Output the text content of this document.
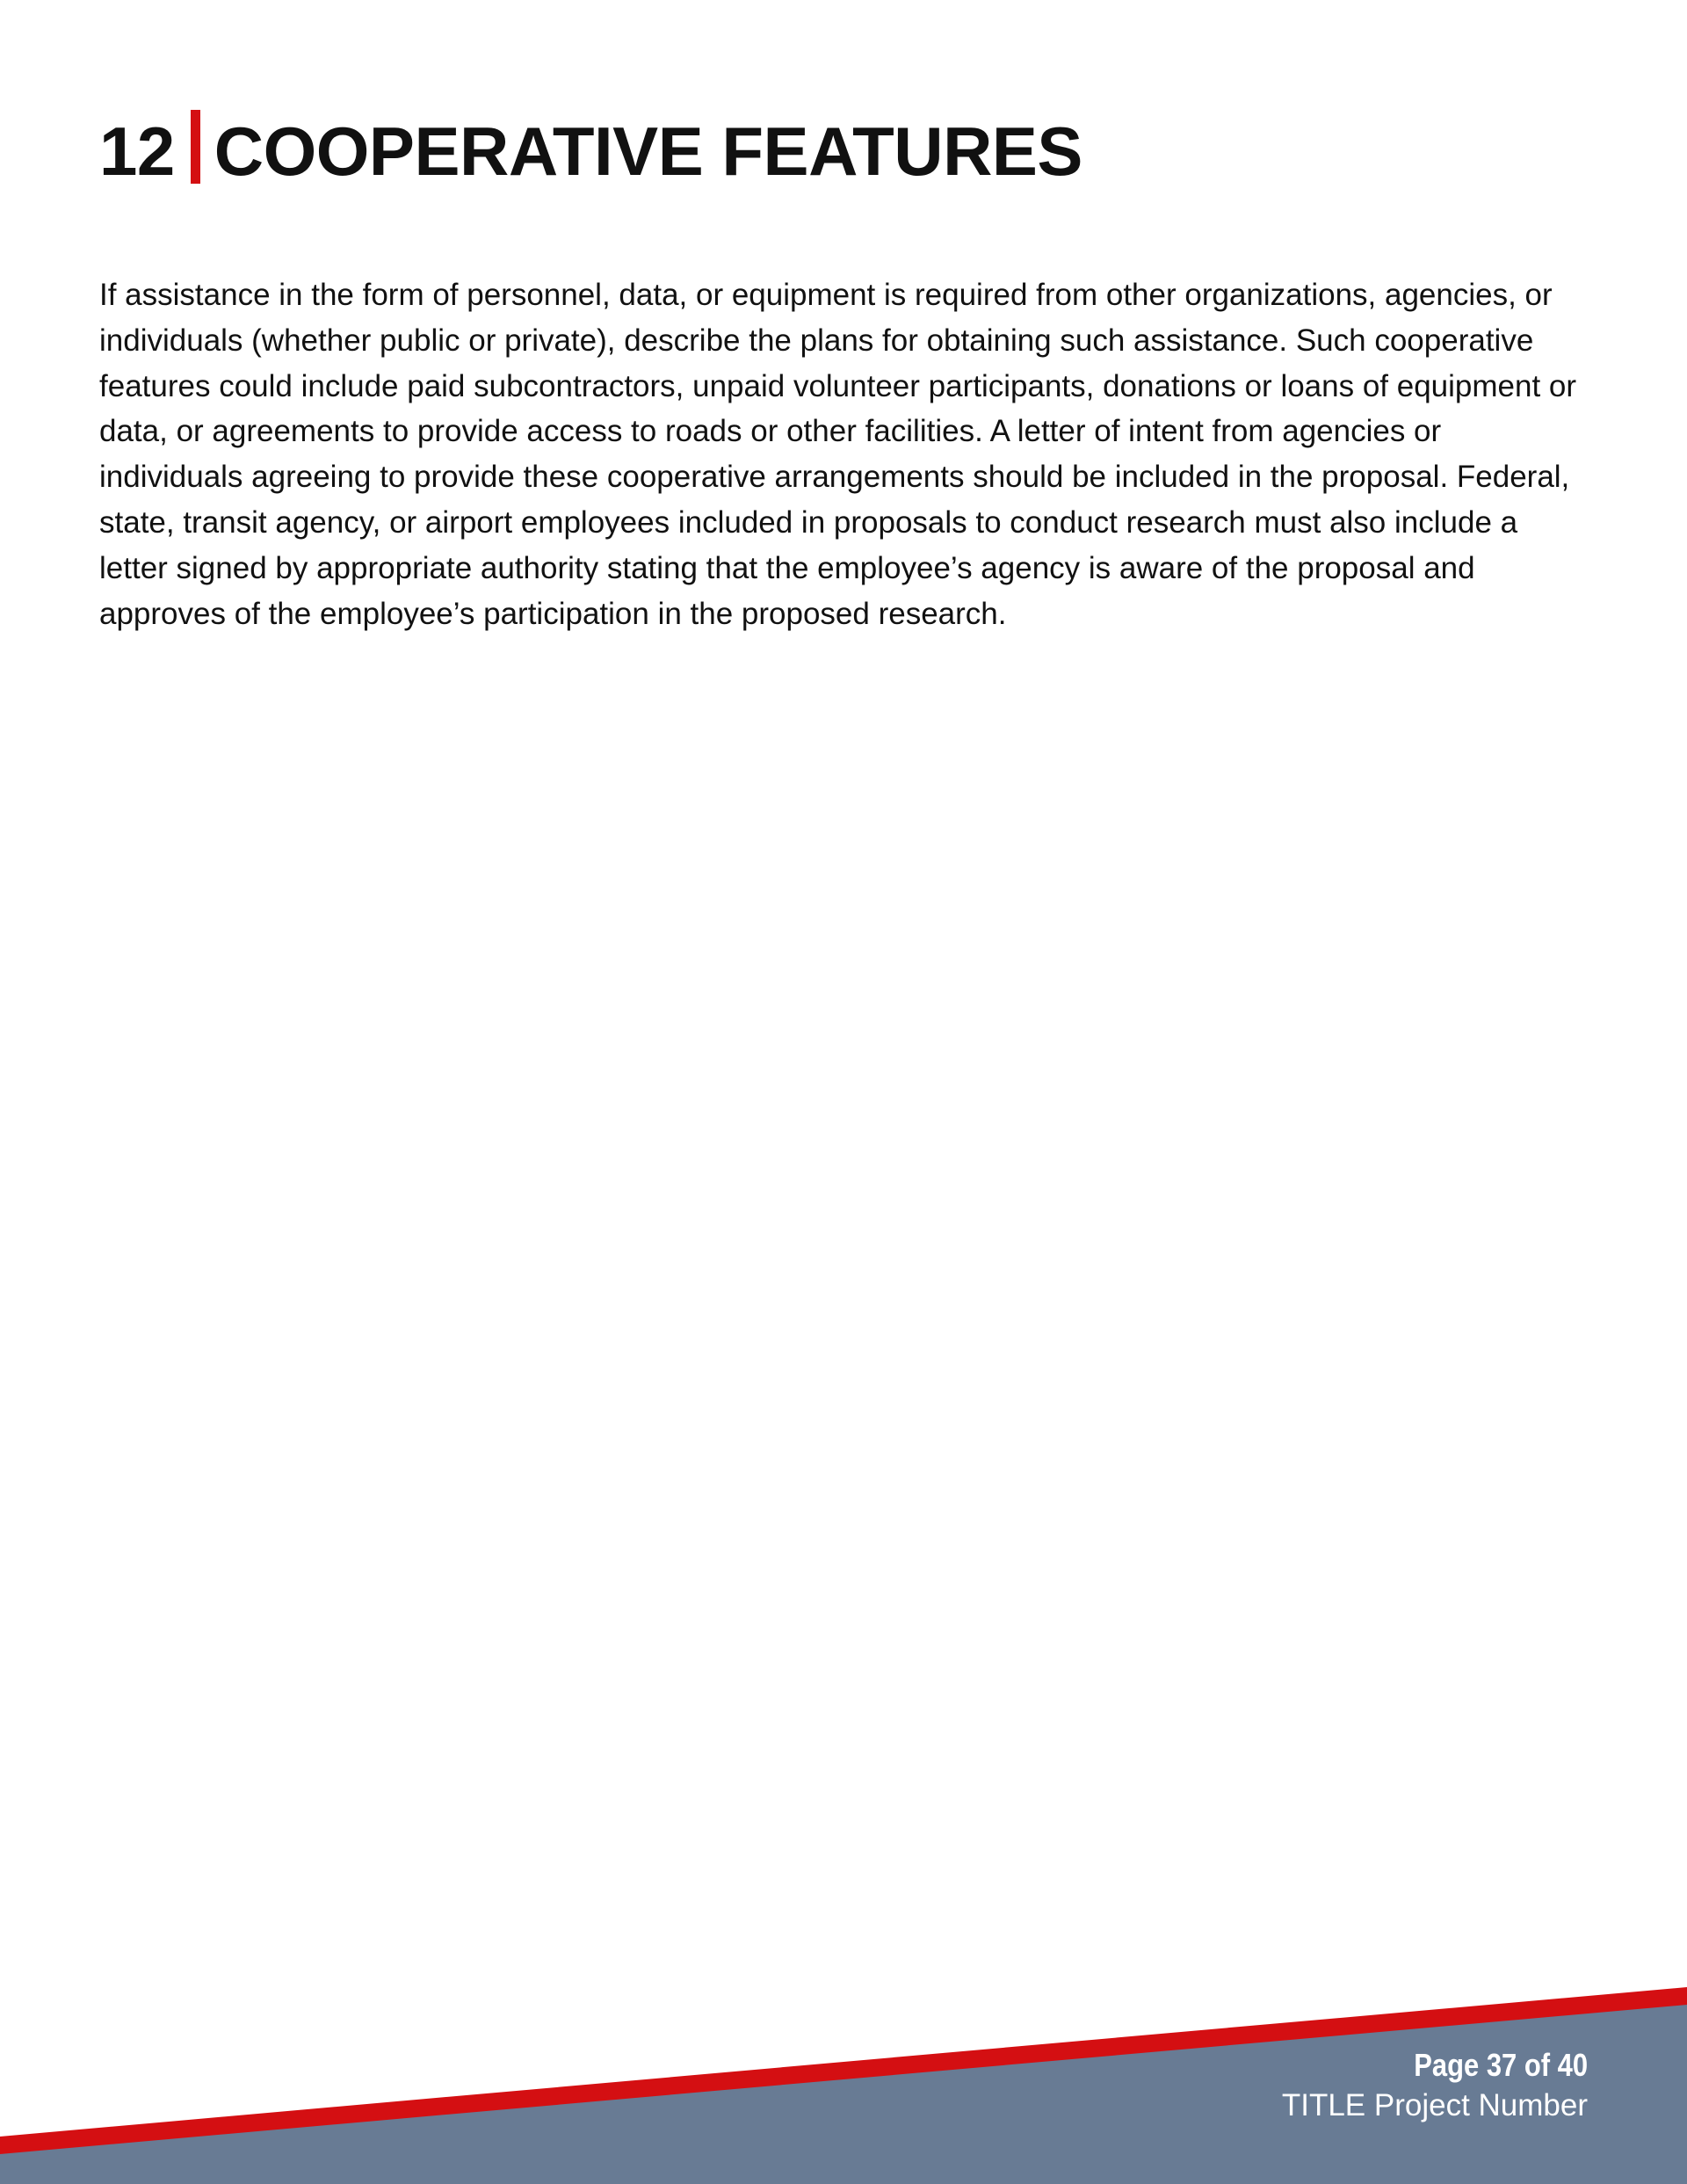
12 COOPERATIVE FEATURES

If assistance in the form of personnel, data, or equipment is required from other organizations, agencies, or individuals (whether public or private), describe the plans for obtaining such assistance. Such cooperative features could include paid subcontractors, unpaid volunteer participants, donations or loans of equipment or data, or agreements to provide access to roads or other facilities. A letter of intent from agencies or individuals agreeing to provide these cooperative arrangements should be included in the proposal. Federal, state, transit agency, or airport employees included in proposals to conduct research must also include a letter signed by appropriate authority stating that the employee’s agency is aware of the proposal and approves of the employee’s participation in the proposed research.

Page 37 of 40
TITLE Project Number
